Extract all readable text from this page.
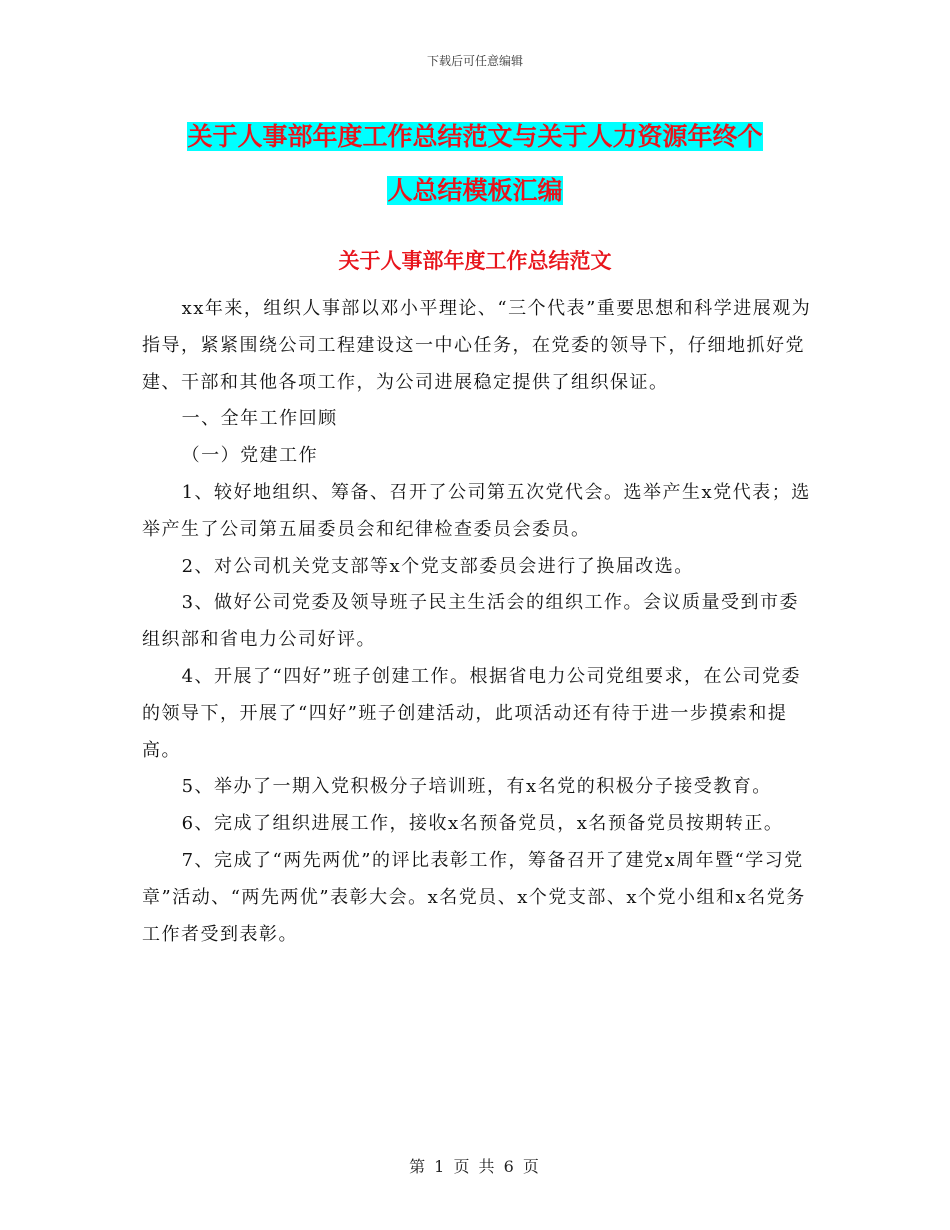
下载后可任意编辑
关于人事部年度工作总结范文与关于人力资源年终个
人总结模板汇编
关于人事部年度工作总结范文

xx年来，组织人事部以邓小平理论、“三个代表”重要思想和科学进展观为指导，紧紧围绕公司工程建设这一中心任务，在党委的领导下，仔细地抓好党建、干部和其他各项工作，为公司进展稳定提供了组织保证。

一、全年工作回顾

（一）党建工作

1、较好地组织、筹备、召开了公司第五次党代会。选举产生x党代表；选举产生了公司第五届委员会和纪律检查委员会委员。

2、对公司机关党支部等x个党支部委员会进行了换届改选。

3、做好公司党委及领导班子民主生活会的组织工作。会议质量受到市委组织部和省电力公司好评。

4、开展了“四好”班子创建工作。根据省电力公司党组要求，在公司党委的领导下，开展了“四好”班子创建活动，此项活动还有待于进一步摸索和提高。

5、举办了一期入党积极分子培训班，有x名党的积极分子接受教育。

6、完成了组织进展工作，接收x名预备党员，x名预备党员按期转正。

7、完成了“两先两优”的评比表彰工作，筹备召开了建党x周年暨“学习党章”活动、“两先两优”表彰大会。x名党员、x个党支部、x个党小组和x名党务工作者受到表彰。

第 1 页 共 6 页
